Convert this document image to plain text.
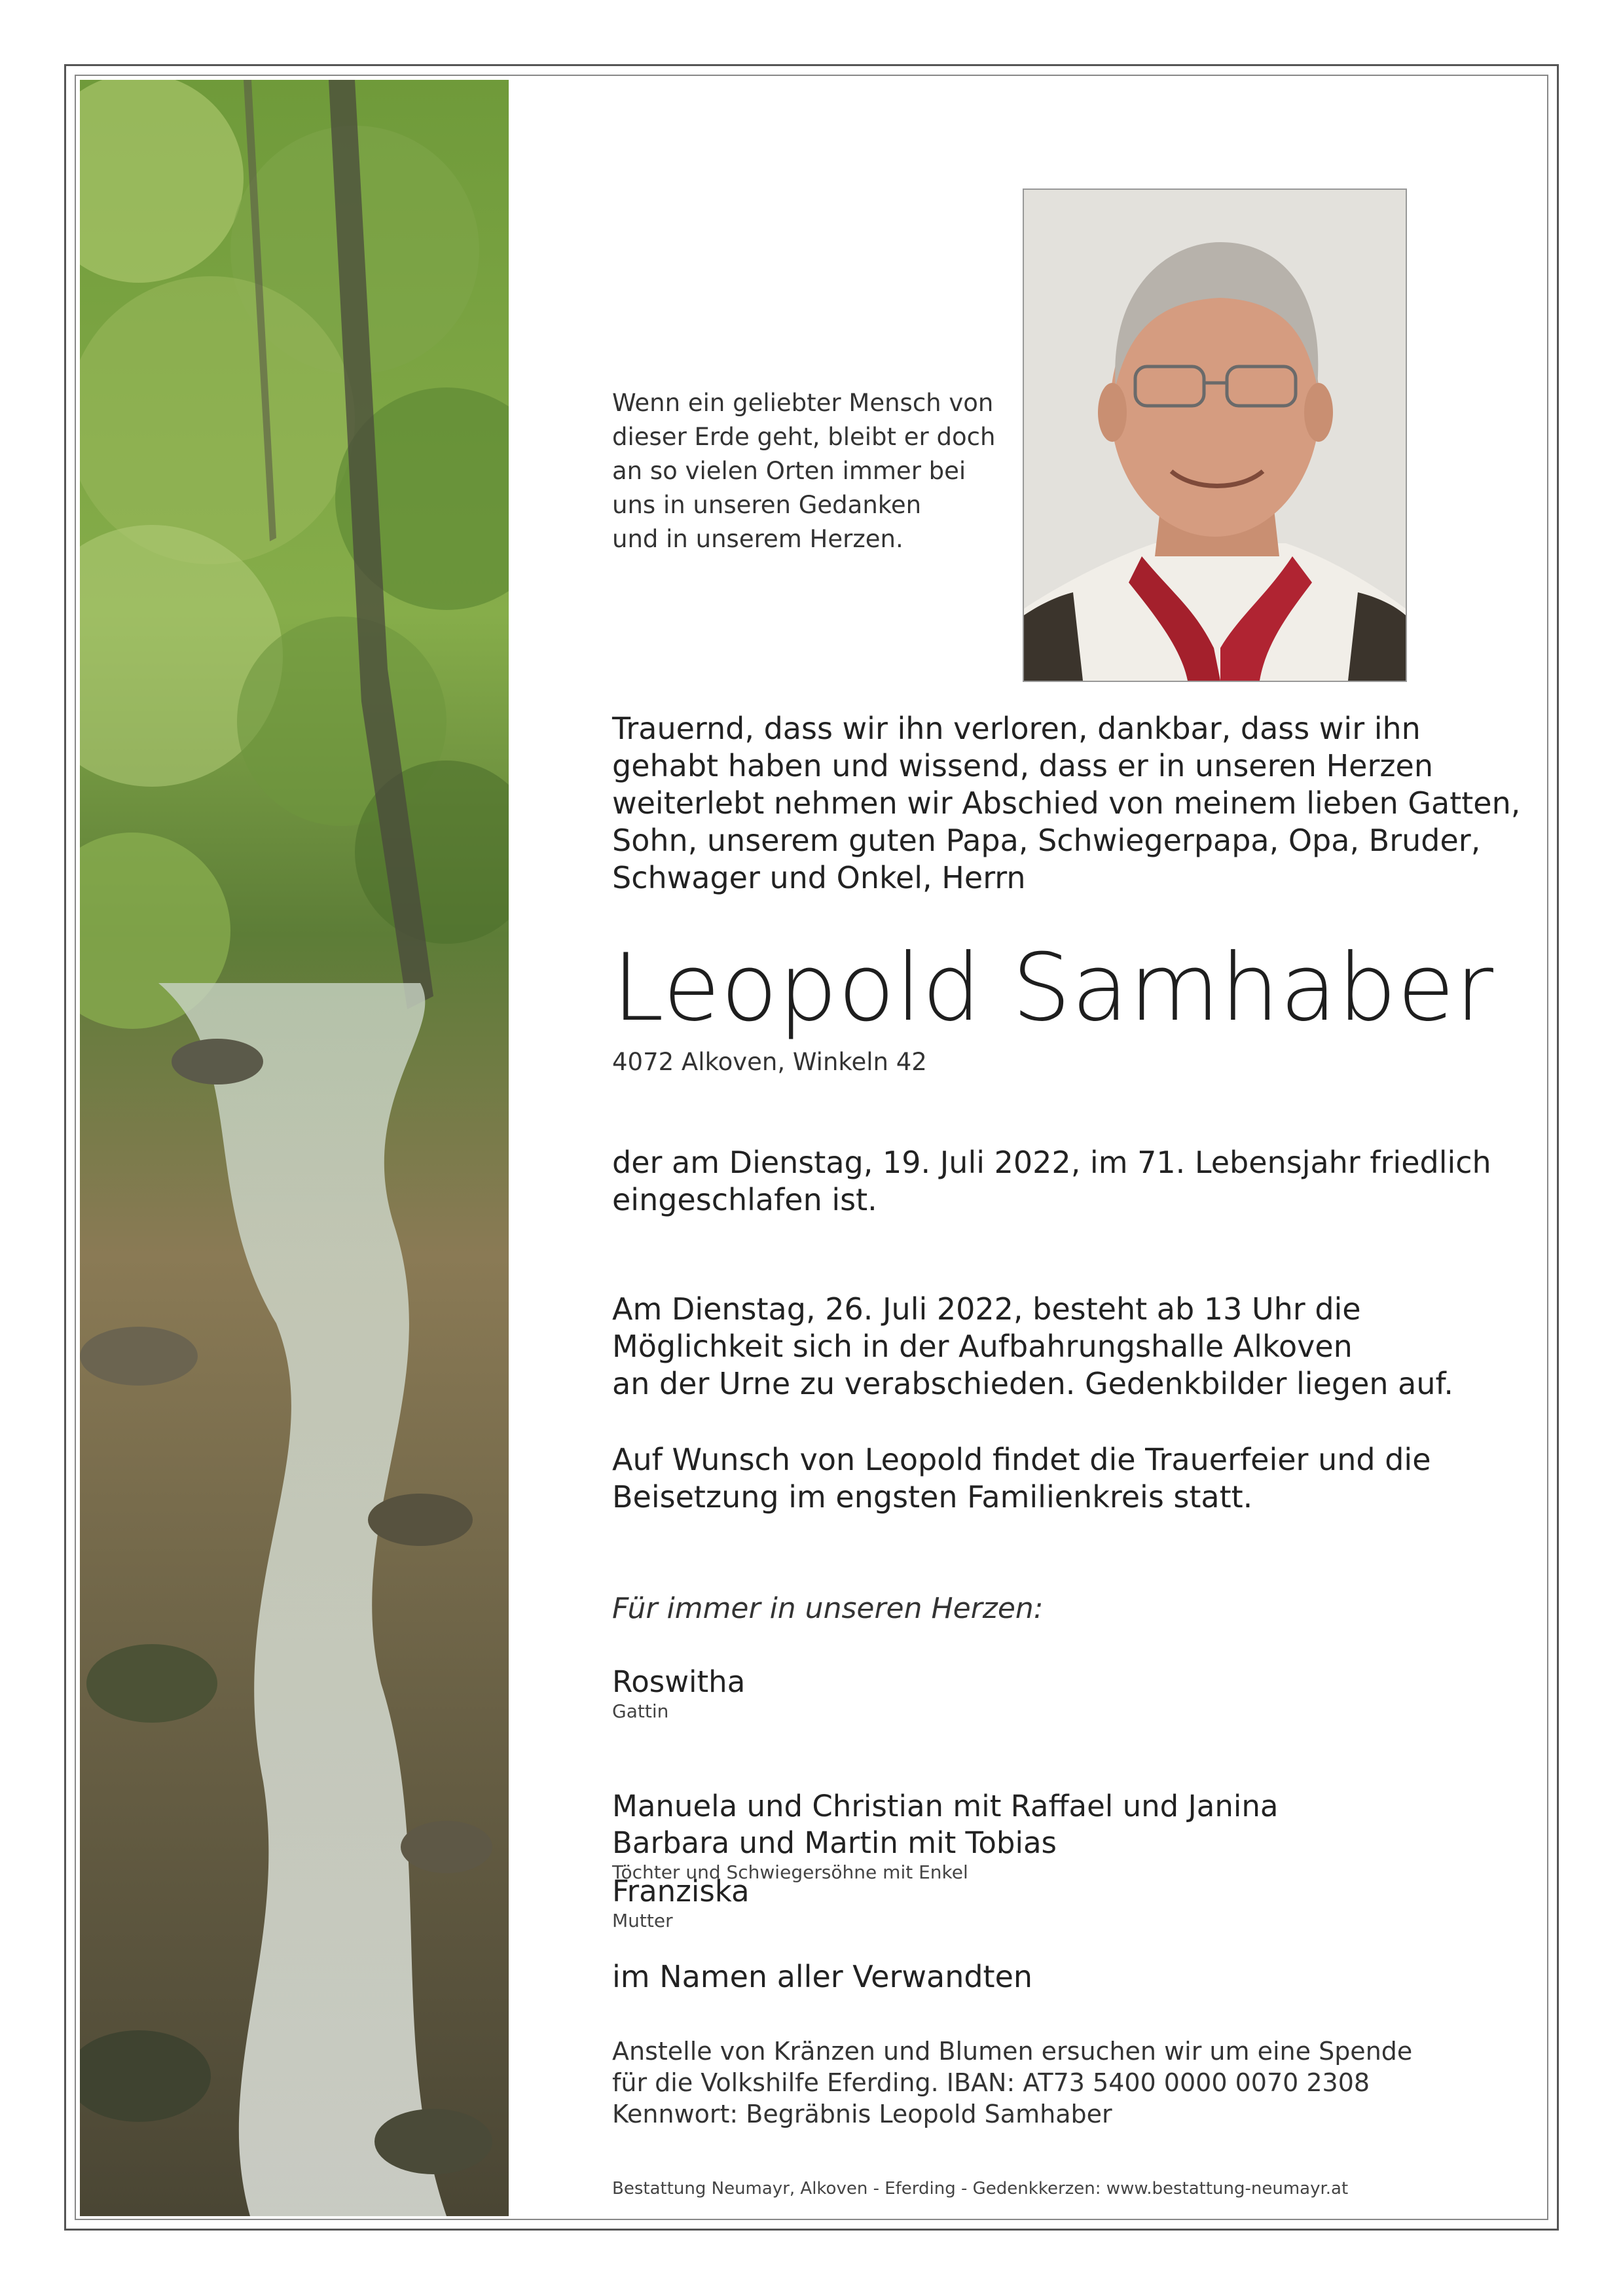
Wenn ein geliebter Mensch von
dieser Erde geht, bleibt er doch
an so vielen Orten immer bei
uns in unseren Gedanken
und in unserem Herzen.

Trauernd, dass wir ihn verloren, dankbar, dass wir ihn
gehabt haben und wissend, dass er in unseren Herzen
weiterlebt nehmen wir Abschied von meinem lieben Gatten,
Sohn, unserem guten Papa, Schwiegerpapa, Opa, Bruder,
Schwager und Onkel, Herrn

Leopold Samhaber

4072 Alkoven, Winkeln 42

der am Dienstag, 19. Juli 2022, im 71. Lebensjahr friedlich
eingeschlafen ist.

Am Dienstag, 26. Juli 2022, besteht ab 13 Uhr die
Möglichkeit sich in der Aufbahrungshalle Alkoven
an der Urne zu verabschieden. Gedenkbilder liegen auf.

Auf Wunsch von Leopold findet die Trauerfeier und die
Beisetzung im engsten Familienkreis statt.

Für immer in unseren Herzen:

Roswitha
Gattin
Manuela und Christian mit Raffael und Janina
Barbara und Martin mit Tobias
Töchter und Schwiegersöhne mit Enkel
Franziska
Mutter

im Namen aller Verwandten

Anstelle von Kränzen und Blumen ersuchen wir um eine Spende
für die Volkshilfe Eferding. IBAN: AT73 5400 0000 0070 2308
Kennwort: Begräbnis Leopold Samhaber

Bestattung Neumayr, Alkoven - Eferding - Gedenkkerzen: www.bestattung-neumayr.at
